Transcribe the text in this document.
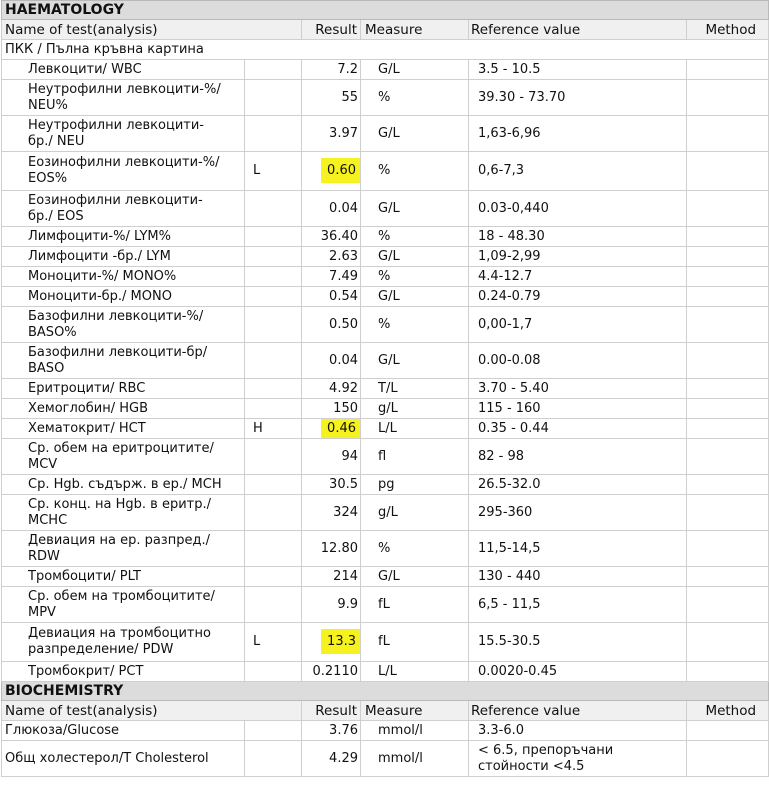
HAEMATOLOGY					
Name of test(analysis)		Result	Measure	Reference value	Method
ПКК / Пълна кръвна картина					
Левкоцити/ WBC		7.2	G/L	3.5 - 10.5	
Неутрофилни левкоцити-%/
NEU%		55	%	39.30 - 73.70	
Неутрофилни левкоцити-
бр./ NEU		3.97	G/L	1,63-6,96	
Еозинофилни левкоцити-%/
EOS%	L	0.60	%	0,6-7,3	
Еозинофилни левкоцити-
бр./ EOS		0.04	G/L	0.03-0,440	
Лимфоцити-%/ LYM%		36.40	%	18 - 48.30	
Лимфоцити -бр./ LYM		2.63	G/L	1,09-2,99	
Моноцити-%/ MONO%		7.49	%	4.4-12.7	
Моноцити-бр./ MONO		0.54	G/L	0.24-0.79	
Базофилни левкоцити-%/
BASO%		0.50	%	0,00-1,7	
Базофилни левкоцити-бр/
BASO		0.04	G/L	0.00-0.08	
Еритроцити/ RBC		4.92	T/L	3.70 - 5.40	
Хемоглобин/ HGB		150	g/L	115 - 160	
Хематокрит/ HCT	H	0.46	L/L	0.35 - 0.44	
Ср. обем на еритроцитите/
MCV		94	fl	82 - 98	
Ср. Hgb. съдърж. в ер./ MCH		30.5	pg	26.5-32.0	
Ср. конц. на Hgb. в еритр./
MCHC		324	g/L	295-360	
Девиация на ер. разпред./
RDW		12.80	%	11,5-14,5	
Тромбоцити/ PLT		214	G/L	130 - 440	
Ср. обем на тромбоцитите/
MPV		9.9	fL	6,5 - 11,5	
Девиация на тромбоцитно
разпределение/ PDW	L	13.3	fL	15.5-30.5	
Тромбокрит/ PCT		0.2110	L/L	0.0020-0.45	
BIOCHEMISTRY					
Name of test(analysis)		Result	Measure	Reference value	Method
Глюкоза/Glucose		3.76	mmol/l	3.3-6.0	
Общ холестерол/T Cholesterol		4.29	mmol/l	< 6.5, препоръчани
стойности <4.5	
